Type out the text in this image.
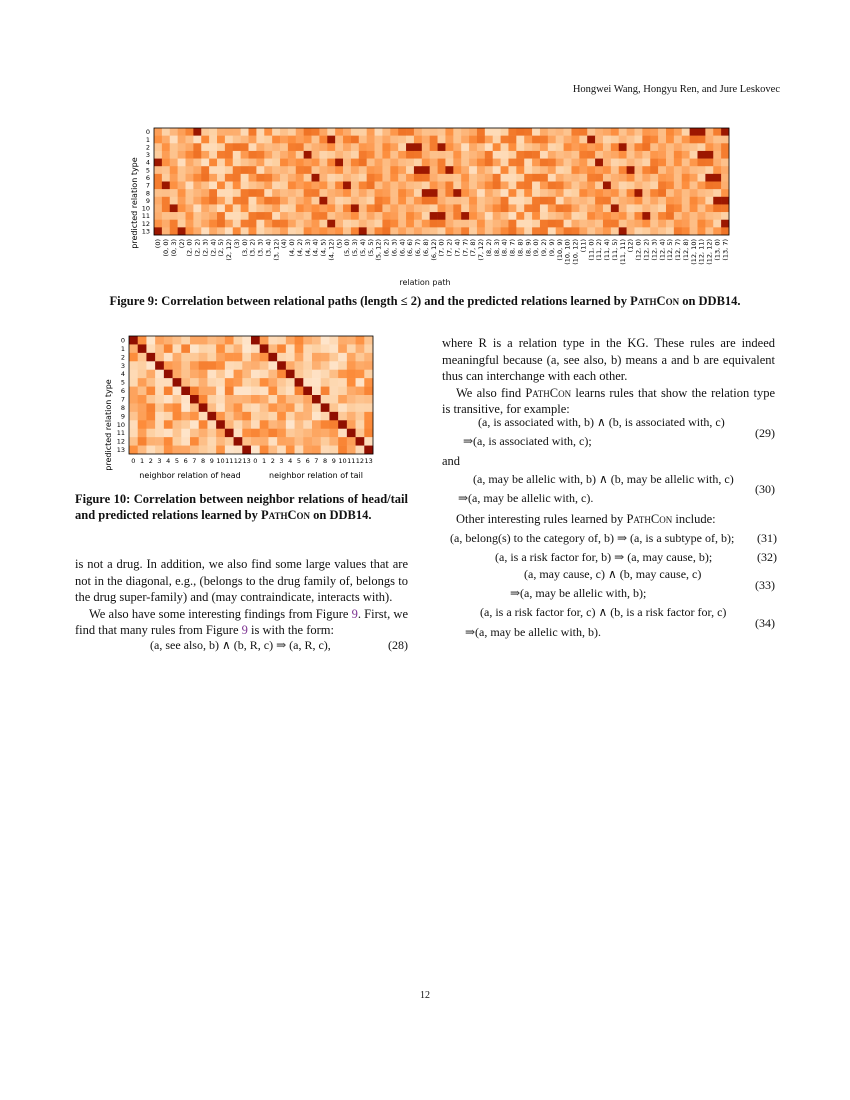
Hongwei Wang, Hongyu Ren, and Jure Leskovec
predicted relation type
0
1
2
3
4
5
6
7
8
9
10
11
12
13
(0) (0, 0) (0, 3) (2) (2, 0) (2, 2) (2, 3) (2, 4) (2, 5) (2, 12) (3) (3, 0) (3, 2) (3, 3) (3, 4) (3, 12) (4) (4, 0) (4, 2) (4, 3) (4, 4) (4, 5) (4, 12) (5) (5, 0) (5, 3) (5, 4) (5, 5) (5, 12) (6, 2) (6, 3) (6, 4) (6, 6) (6, 7) (6, 8) (6, 12) (7, 0) (7, 2) (7, 4) (7, 7) (7, 8) (7, 12) (8, 2) (8, 3) (8, 4) (8, 7) (8, 8) (8, 9) (9, 0) (9, 2) (9, 9) (10, 9) (10, 10) (10, 12) (11) (11, 0) (11, 2) (11, 4) (11, 5) (11, 11) (12) (12, 0) (12, 2) (12, 3) (12, 4) (12, 5) (12, 7) (12, 8) (12, 10) (12, 11) (12, 12) (13, 0) (13, 7)
relation path
Figure 9: Correlation between relational paths (length ≤ 2) and the predicted relations learned by PathCon on DDB14.
predicted relation type
0
1
2
3
4
5
6
7
8
9
10
11
12
13
0 1 2 3 4 5 6 7 8 9 10 11 12 13 0 1 2 3 4 5 6 7 8 9 10 11 12 13
neighbor relation of head	neighbor relation of tail
Figure 10: Correlation between neighbor relations of head/tail and predicted relations learned by PathCon on DDB14.
is not a drug. In addition, we also find some large values that are not in the diagonal, e.g., (belongs to the drug family of, belongs to the drug super-family) and (may contraindicate, interacts with).
We also have some interesting findings from Figure 9. First, we find that many rules from Figure 9 is with the form:
(a, see also, b) ∧ (b, R, c) ⇒ (a, R, c),	(28)
where R is a relation type in the KG. These rules are indeed meaningful because (a, see also, b) means a and b are equivalent thus can interchange with each other.
We also find PathCon learns rules that show the relation type is transitive, for example:
(a, is associated with, b) ∧ (b, is associated with, c)
⇒(a, is associated with, c);
(29)
and
(a, may be allelic with, b) ∧ (b, may be allelic with, c)
⇒(a, may be allelic with, c).
(30)
Other interesting rules learned by PathCon include:
(a, belong(s) to the category of, b) ⇒ (a, is a subtype of, b); (31)
(a, is a risk factor for, b) ⇒ (a, may cause, b);	(32)
(a, may cause, c) ∧ (b, may cause, c)
⇒(a, may be allelic with, b);
(33)
(a, is a risk factor for, c) ∧ (b, is a risk factor for, c)
⇒(a, may be allelic with, b).
(34)
12
